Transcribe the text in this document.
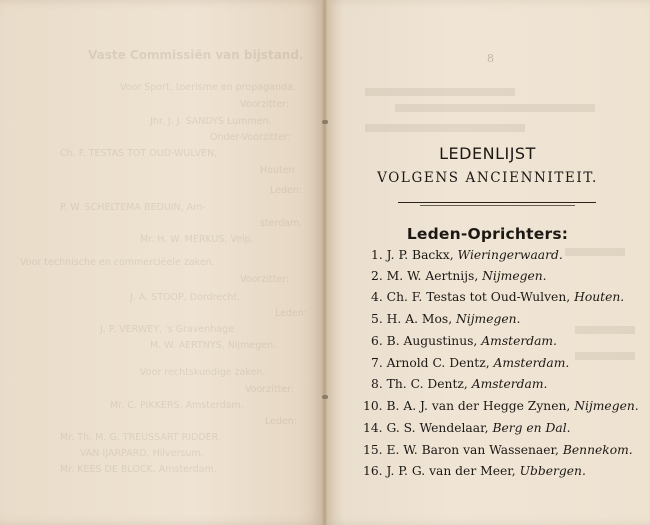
Vaste Commissiën van bijstand.
Voor Sport, toerisme en propaganda.
Voorzitter:
Jhr. J. J. SANDYS Lummen.
Onder-Voorzitter:
Ch. F. TESTAS TOT OUD-WULVEN,
Houten
Leden:
P. W. SCHELTEMA BEDUIN, Am-
sterdam.
Mr. H. W. MERKUS, Velp.
Voor technische en commerciëele zaken.
Voorzitter:
J. A. STOOP, Dordrecht.
Leden:
J. P. VERWEY, 's Gravenhage
M. W. AERTNYS, Nijmegen.
Voor rechtskundige zaken.
Voorzitter:
Mr. C. PIKKERS, Amsterdam.
Leden:
Mr. Th. M. G. TREUSSART RIDDER
VAN IJARPARD, Hilversum.
Mr. KEES DE BLOCK, Amsterdam.
8
LEDENLIJST
VOLGENS ANCIENNITEIT.
Leden-Oprichters:
1. J. P. Backx, Wieringerwaard.
2. M. W. Aertnijs, Nijmegen.
4. Ch. F. Testas tot Oud-Wulven, Houten.
5. H. A. Mos, Nijmegen.
6. B. Augustinus, Amsterdam.
7. Arnold C. Dentz, Amsterdam.
8. Th. C. Dentz, Amsterdam.
10. B. A. J. van der Hegge Zynen, Nijmegen.
14. G. S. Wendelaar, Berg en Dal.
15. E. W. Baron van Wassenaer, Bennekom.
16. J. P. G. van der Meer, Ubbergen.
